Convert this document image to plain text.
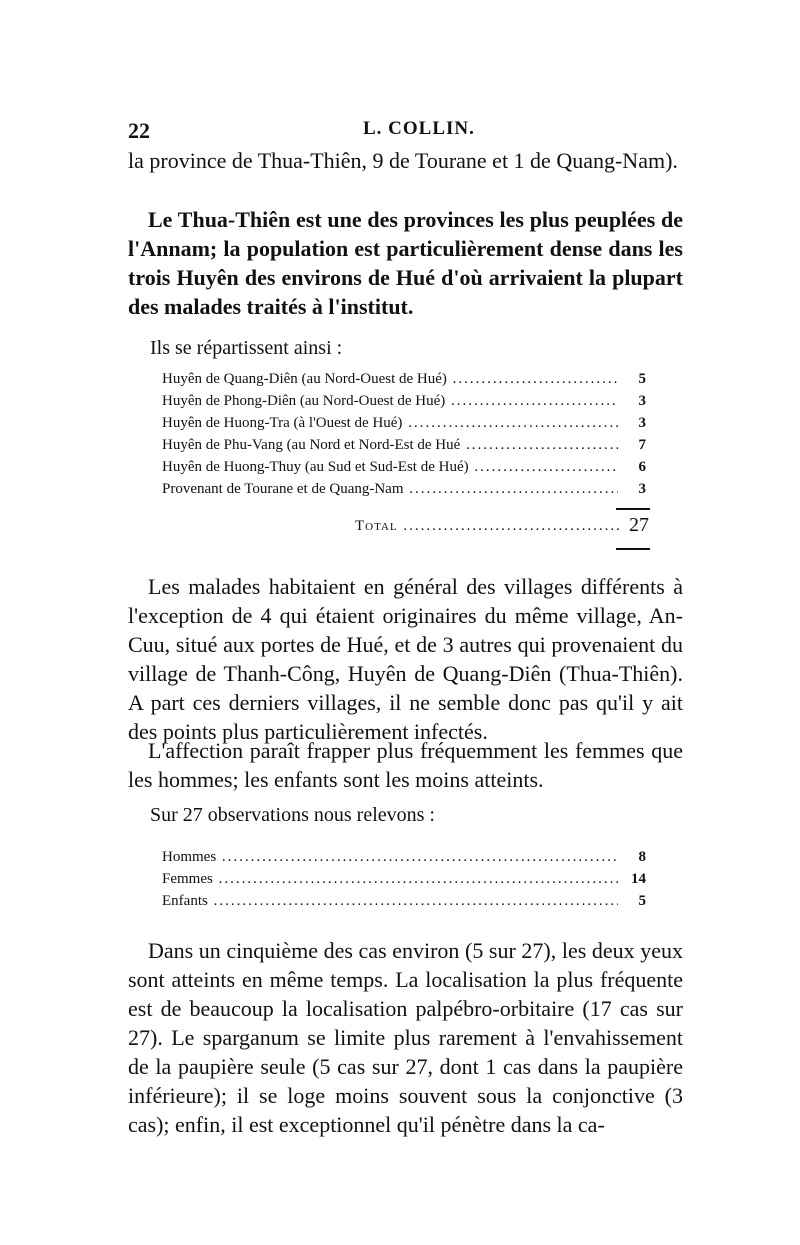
22	L. COLLIN.

la province de Thua-Thiên, 9 de Tourane et 1 de Quang-Nam).

Le Thua-Thiên est une des provinces les plus peuplées de l'Annam; la population est particulièrement dense dans les trois Huyên des environs de Hué d'où arrivaient la plupart des malades traités à l'institut.

Ils se répartissent ainsi :

Huyên de Quang-Diên (au Nord-Ouest de Hué) .....	5
Huyên de Phong-Diên (au Nord-Ouest de Hué) .....	3
Huyên de Huong-Tra (à l'Ouest de Hué) .....	3
Huyên de Phu-Vang (au Nord et Nord-Est de Hué .....	7
Huyên de Huong-Thuy (au Sud et Sud-Est de Hué) .....	6
Provenant de Tourane et de Quang-Nam .....	3
Total .....	27

Les malades habitaient en général des villages différents à l'exception de 4 qui étaient originaires du même village, An-Cuu, situé aux portes de Hué, et de 3 autres qui provenaient du village de Thanh-Công, Huyên de Quang-Diên (Thua-Thiên). A part ces derniers villages, il ne semble donc pas qu'il y ait des points plus particulièrement infectés.

L'affection paraît frapper plus fréquemment les femmes que les hommes; les enfants sont les moins atteints.

Sur 27 observations nous relevons :

Hommes .....	8
Femmes .....	14
Enfants .....	5

Dans un cinquième des cas environ (5 sur 27), les deux yeux sont atteints en même temps. La localisation la plus fréquente est de beaucoup la localisation palpébro-orbitaire (17 cas sur 27). Le sparganum se limite plus rarement à l'envahissement de la paupière seule (5 cas sur 27, dont 1 cas dans la paupière inférieure); il se loge moins souvent sous la conjonctive (3 cas); enfin, il est exceptionnel qu'il pénètre dans la ca-
